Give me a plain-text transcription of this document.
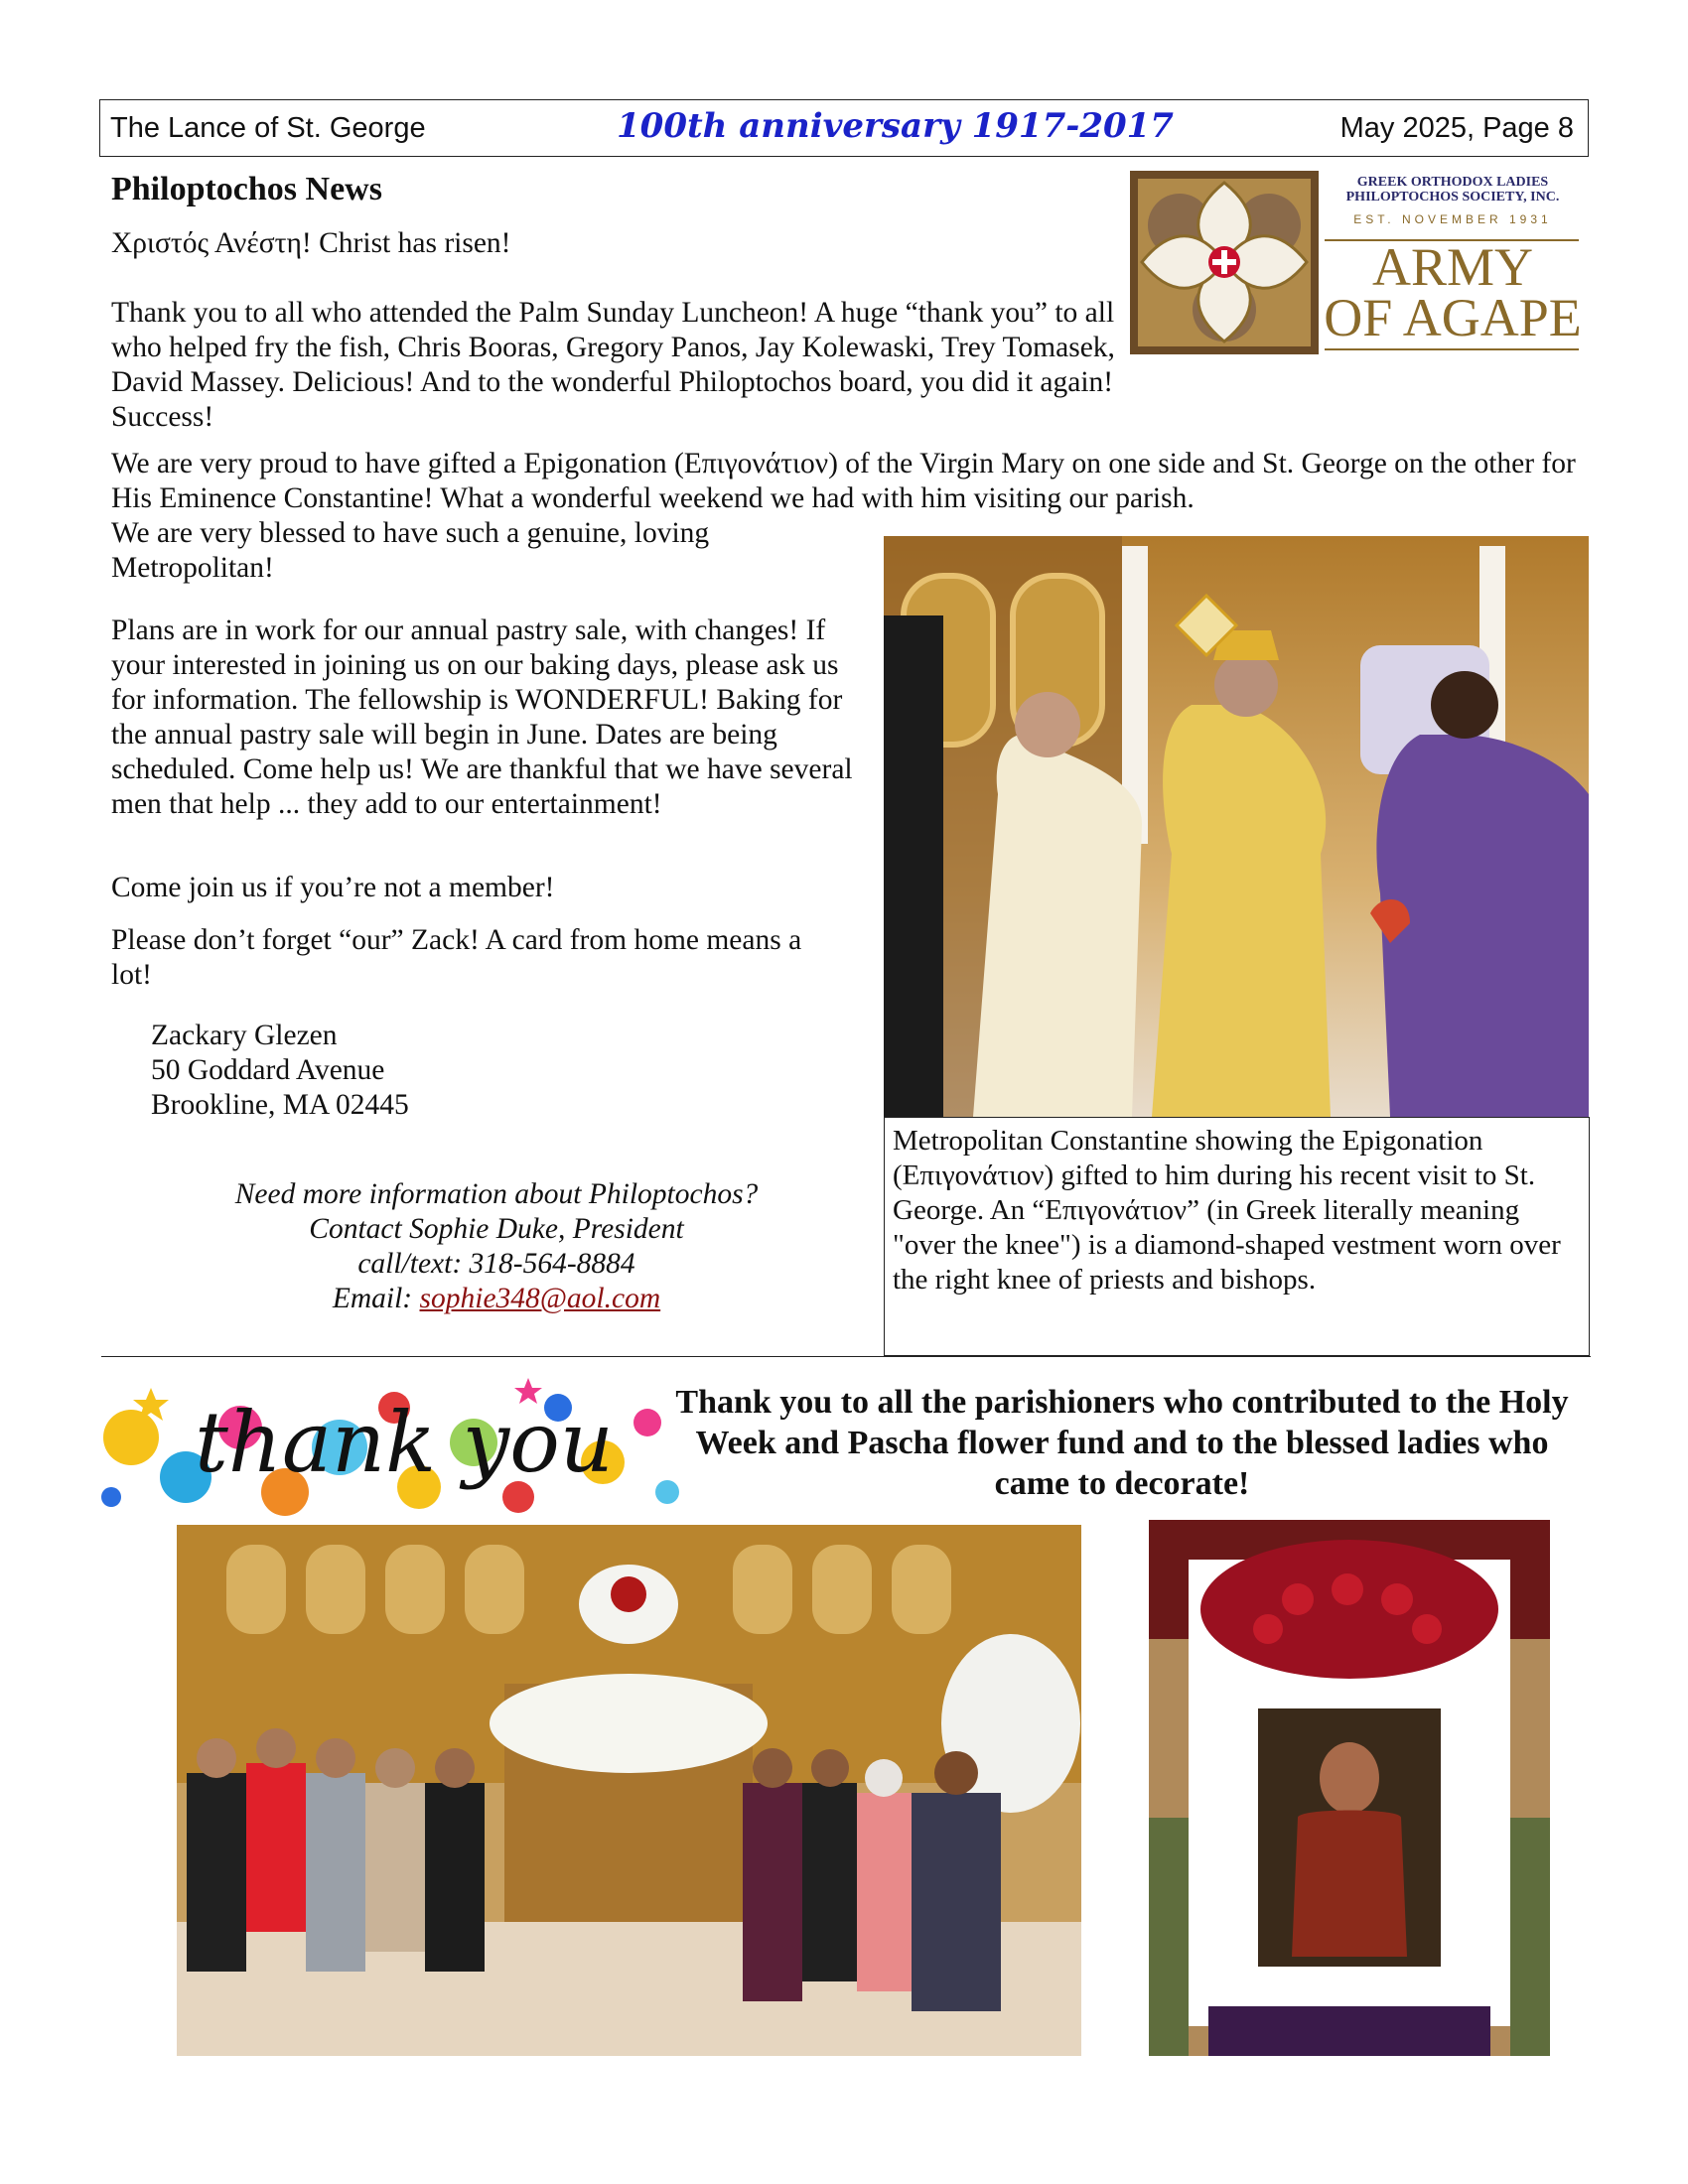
The Lance of St. George	100th anniversary 1917-2017	May 2025, Page 8
Philoptochos News
Χριστός Ανέστη! Christ has risen!
Thank you to all who attended the Palm Sunday Luncheon! A huge “thank you” to all who helped fry the fish, Chris Booras, Gregory Panos, Jay Kolewaski, Trey Tomasek, David Massey. Delicious! And to the wonderful Philoptochos board, you did it again! Success!
We are very proud to have gifted a Epigonation (Επιγονάτιον) of the Virgin Mary on one side and St. George on the other for His Eminence Constantine! What a wonderful weekend we had with him visiting our parish.
We are very blessed to have such a genuine, loving Metropolitan!
Plans are in work for our annual pastry sale, with changes! If your interested in joining us on our baking days, please ask us for information. The fellowship is WONDERFUL! Baking for the annual pastry sale will begin in June. Dates are being scheduled. Come help us! We are thankful that we have several men that help ... they add to our entertainment!
Come join us if you’re not a member!
Please don’t forget “our” Zack! A card from home means a lot!
Zackary Glezen
50 Goddard Avenue
Brookline, MA 02445
Need more information about Philoptochos?
Contact Sophie Duke, President
call/text: 318-564-8884
Email: sophie348@aol.com
GREEK ORTHODOX LADIES
PHILOPTOCHOS SOCIETY, INC.
EST. NOVEMBER 1931
ARMY
OF AGAPE
Metropolitan Constantine showing the Epigonation (Επιγονάτιον) gifted to him during his recent visit to St. George. An “Επιγονάτιον” (in Greek literally meaning "over the knee") is a diamond-shaped vestment worn over the right knee of priests and bishops.
thank you	Thank you to all the parishioners who contributed to the Holy Week and Pascha flower fund and to the blessed ladies who came to decorate!
